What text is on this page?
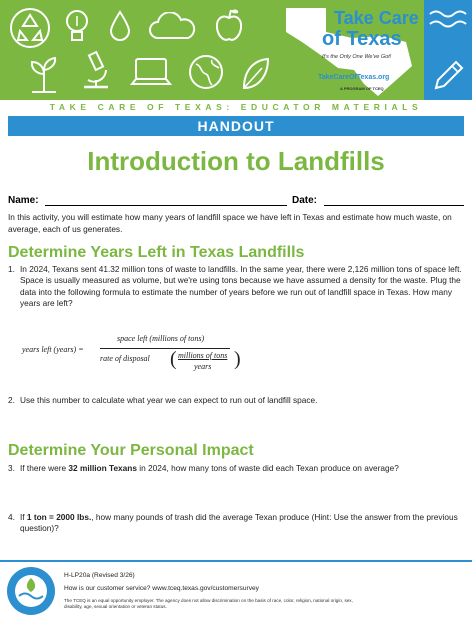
Take Care
of Texas
It's the Only One We've Got!
TakeCareOfTexas.org
A PROGRAM OF TCEQ
TAKE CARE OF TEXAS: EDUCATOR MATERIALS
HANDOUT
Introduction to Landfills
Name:	Date:
In this activity, you will estimate how many years of landfill space we have left in Texas and estimate how much waste, on average, each of us generates.
Determine Years Left in Texas Landfills
1. In 2024, Texans sent 41.32 million tons of waste to landfills. In the same year, there were 2,126 million tons of space left. Space is usually measured as volume, but we're using tons because we have assumed a density for the waste. Plug the data into the following formula to estimate the number of years before we run out of landfill space in Texas. How many years are left?
years left (years) =
space left (millions of tons)
rate of disposal ( millions of tons
years )
2. Use this number to calculate what year we can expect to run out of landfill space.
Determine Your Personal Impact
3. If there were 32 million Texans in 2024, how many tons of waste did each Texan produce on average?
4. If 1 ton = 2000 lbs., how many pounds of trash did the average Texan produce (Hint: Use the answer from the previous question)?
H-LP20a (Revised 3/26)
How is our customer service? www.tceq.texas.gov/customersurvey
The TCEQ is an equal opportunity employer. The agency does not allow discrimination on the basis of race, color, religion, national origin, sex, disability, age, sexual orientation or veteran status.
